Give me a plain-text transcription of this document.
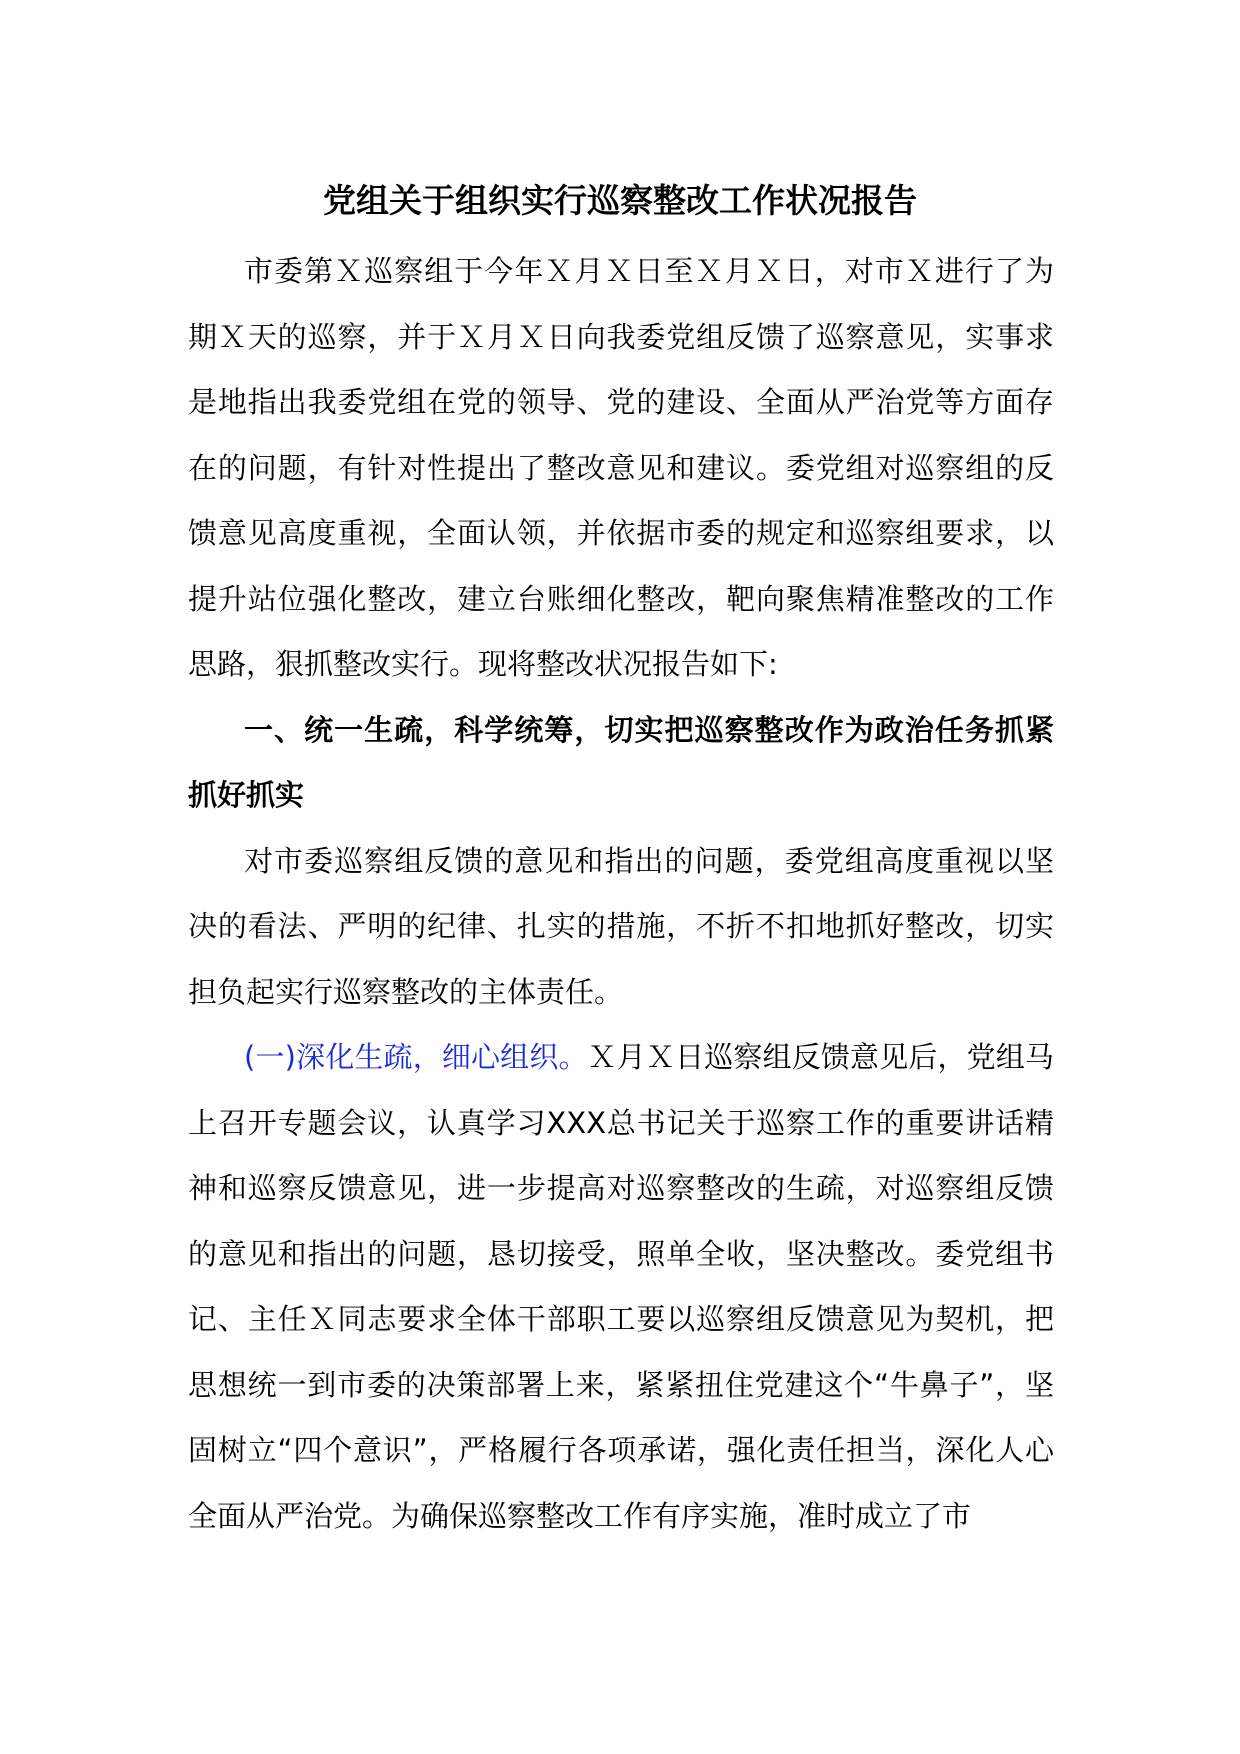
党组关于组织实行巡察整改工作状况报告

市委第Ｘ巡察组于今年Ｘ月Ｘ日至Ｘ月Ｘ日，对市Ｘ进行了为期Ｘ天的巡察，并于Ｘ月Ｘ日向我委党组反馈了巡察意见，实事求是地指出我委党组在党的领导、党的建设、全面从严治党等方面存在的问题，有针对性提出了整改意见和建议。委党组对巡察组的反馈意见高度重视，全面认领，并依据市委的规定和巡察组要求，以提升站位强化整改，建立台账细化整改，靶向聚焦精准整改的工作思路，狠抓整改实行。现将整改状况报告如下:

一、统一生疏，科学统筹，切实把巡察整改作为政治任务抓紧抓好抓实

对市委巡察组反馈的意见和指出的问题，委党组高度重视以坚决的看法、严明的纪律、扎实的措施，不折不扣地抓好整改，切实担负起实行巡察整改的主体责任。

(一)深化生疏，细心组织。Ｘ月Ｘ日巡察组反馈意见后，党组马上召开专题会议，认真学习XXX总书记关于巡察工作的重要讲话精神和巡察反馈意见，进一步提高对巡察整改的生疏，对巡察组反馈的意见和指出的问题，恳切接受，照单全收，坚决整改。委党组书记、主任Ｘ同志要求全体干部职工要以巡察组反馈意见为契机，把思想统一到市委的决策部署上来，紧紧扭住党建这个“牛鼻子”，坚固树立“四个意识”，严格履行各项承诺，强化责任担当，深化人心全面从严治党。为确保巡察整改工作有序实施，准时成立了市
